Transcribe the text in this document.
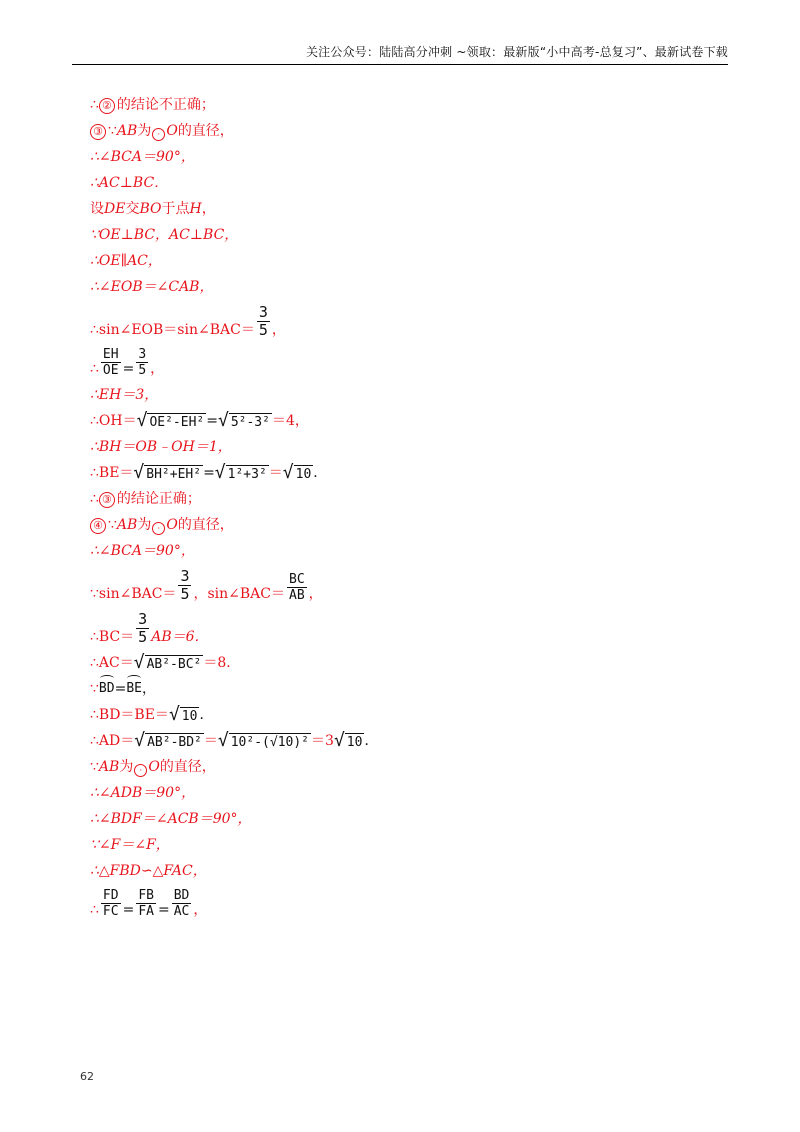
关注公众号：陆陆高分冲刺 ~领取：最新版“小中高考-总复习”、最新试卷下载
∴ ② 的结论不正确；
③ ∵ AB 为 · O 的直径，
∴∠BCA＝90°，
∴AC⊥BC．
设 DE 交 BO 于点 H ，
∵OE⊥BC，AC⊥BC，
∴OE∥AC，
∴∠EOB＝∠CAB，
∴sin∠EOB＝sin∠BAC＝ $\frac{3}{5}$ ，
∴ $\frac{EH}{OE} = \frac{3}{5}$ ，
∴EH＝3，
∴OH＝ √ OE²-EH² = √ 5²-3² ＝4，
∴BH＝OB﹣OH＝1，
∴BE＝ √ BH²+EH² = √ 1²+3² ＝ √ 10 ．
∴ ③ 的结论正确；
④ ∵ AB 为 · O 的直径，
∴∠BCA＝90°，
∵sin∠BAC＝ $\frac{3}{5}$ ，sin∠BAC＝ $\frac{BC}{AB}$ ，
∴BC＝ $\frac{3}{5} AB=6$．
∴AC＝ √ AB²-BC² ＝8．
∵ BD = BE ，
∴BD＝BE＝ √ 10 ．
∴AD＝ √ AB²-BD² ＝ √ 10²-(√10)² ＝3 √ 10 ．
∵ AB 为 · O 的直径，
∴∠ADB＝90°，
∴∠BDF＝∠ACB＝90°，
∵∠F＝∠F，
∴△FBD∽△FAC，
∴ $\frac{FD}{FC} = \frac{FB}{FA} = \frac{BD}{AC}$ ，
62
